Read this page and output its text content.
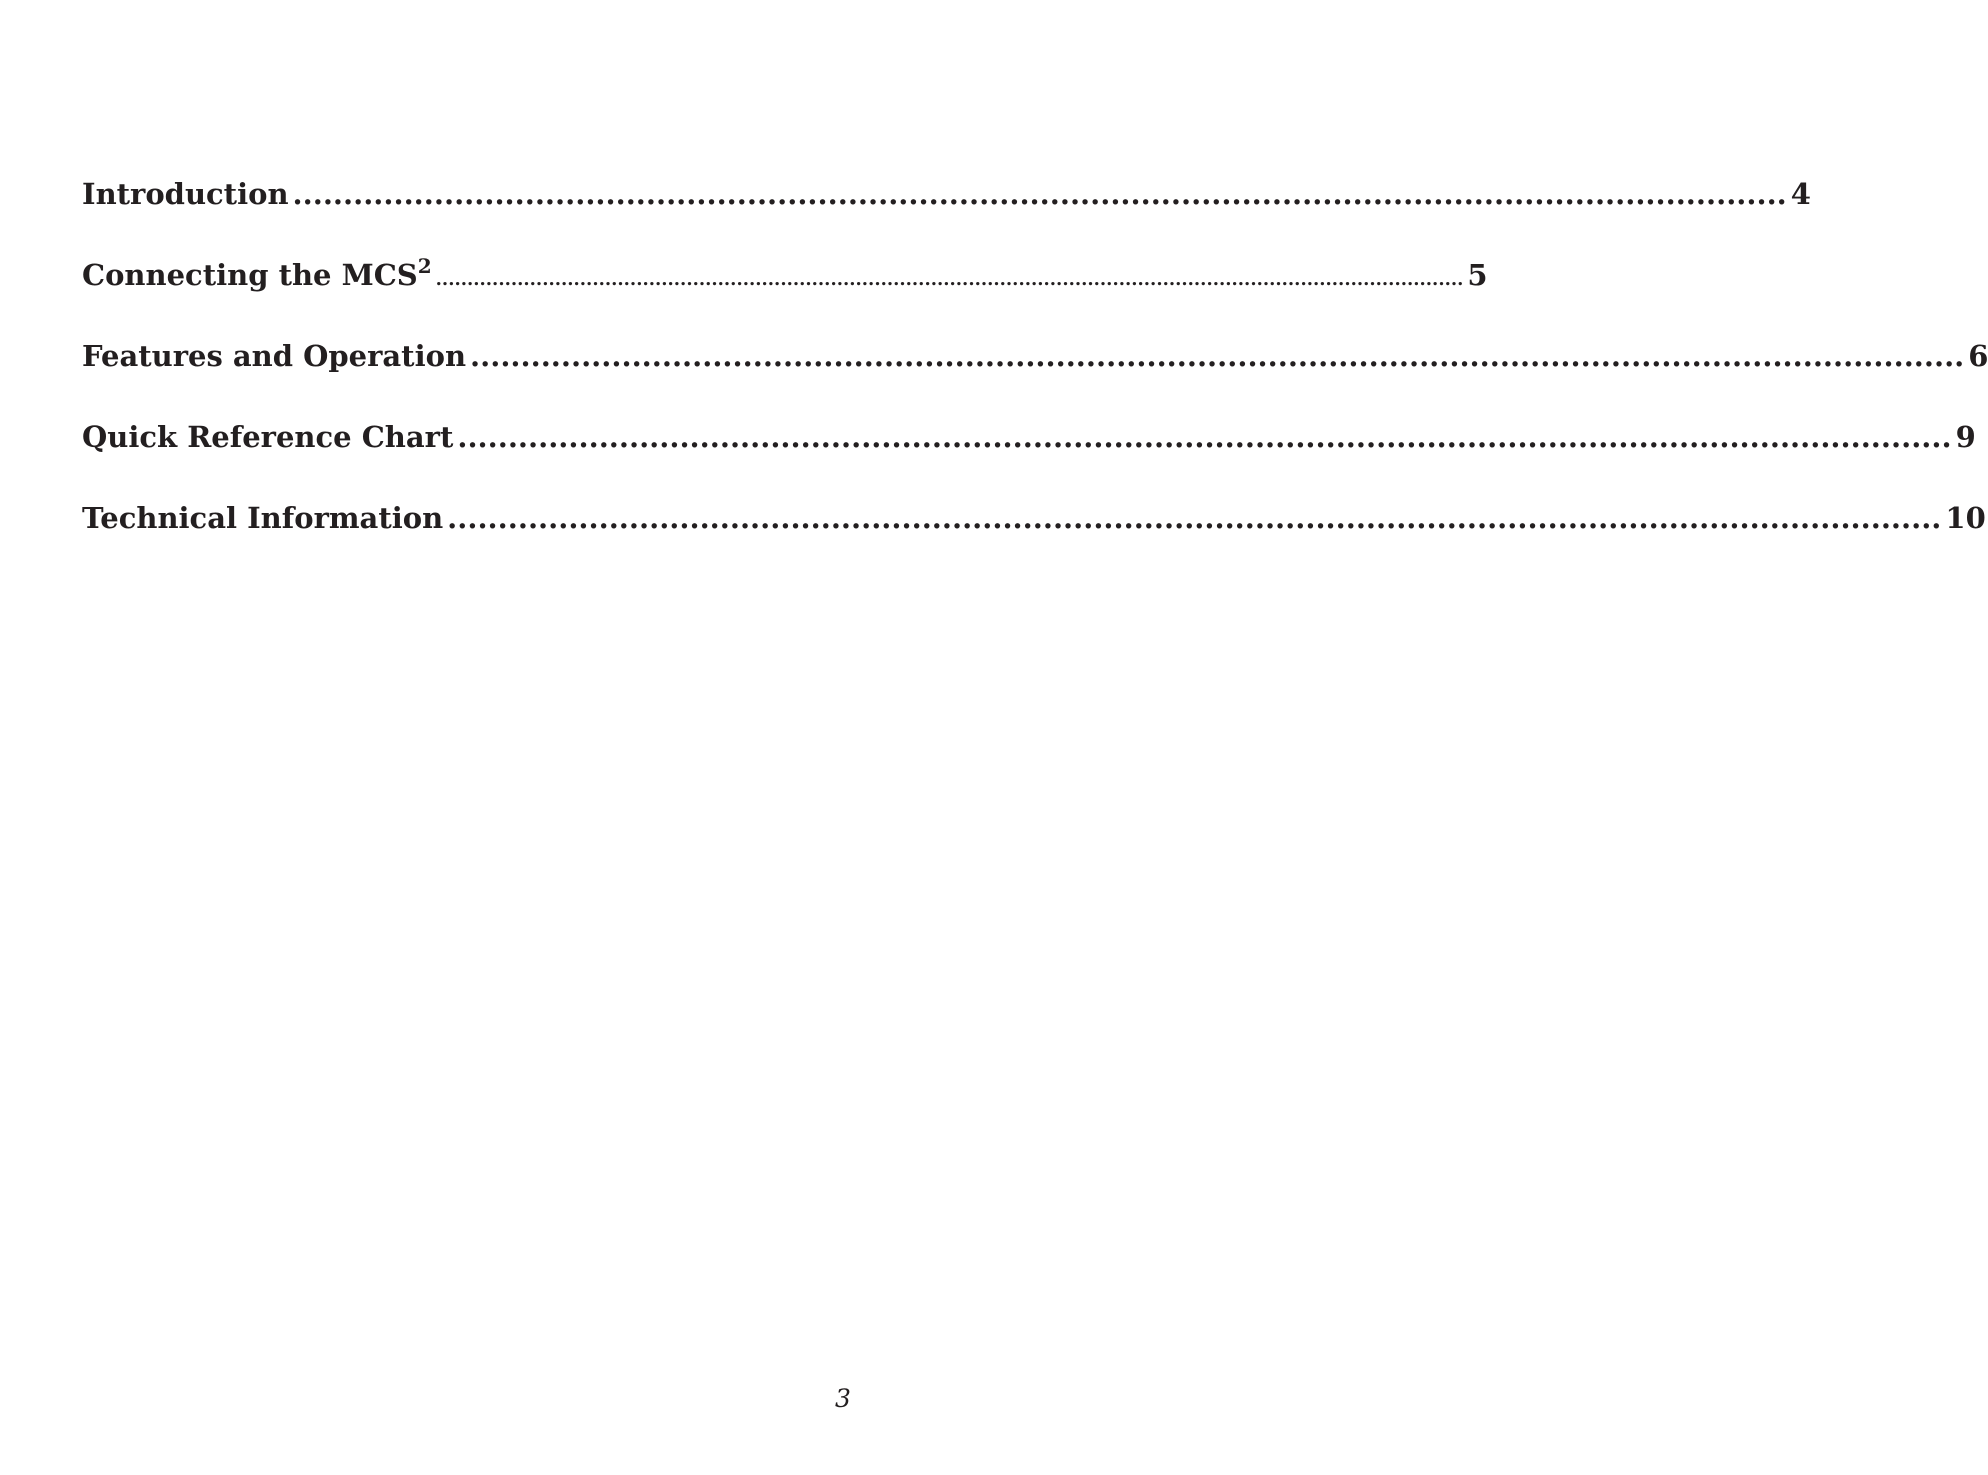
Introduction .................................................................................................................................................... 4
Connecting the MCS$^2$
.................................................................................................................................................................... 5
Features and Operation .................................................................................................................................................... 6
Quick Reference Chart .................................................................................................................................................... 9
Technical Information .................................................................................................................................................... 10
3
